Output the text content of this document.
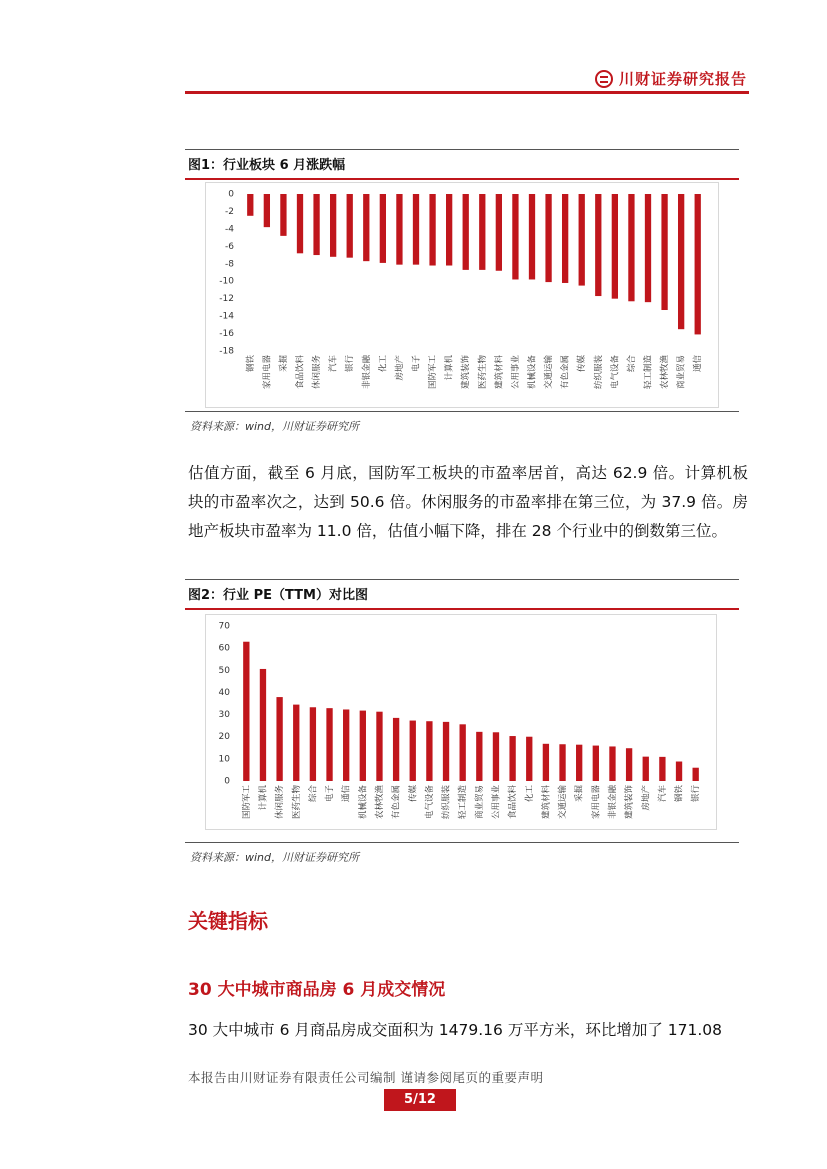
川财证券研究报告
图1：行业板块 6 月涨跌幅
0
-2
-4
-6
-8
-10
-12
-14
-16
-18
钢铁 家用电器 采掘 食品饮料 休闲服务 汽车 银行 非银金融 化工 房地产 电子 国防军工 计算机 建筑装饰 医药生物 建筑材料 公用事业 机械设备 交通运输 有色金属 传媒 纺织服装 电气设备 综合 轻工制造 农林牧渔 商业贸易 通信
资料来源：wind，川财证券研究所
估值方面，截至 6 月底，国防军工板块的市盈率居首，高达 62.9 倍。计算机板块的市盈率次之，达到 50.6 倍。休闲服务的市盈率排在第三位，为 37.9 倍。房地产板块市盈率为 11.0 倍，估值小幅下降，排在 28 个行业中的倒数第三位。
图2：行业 PE（TTM）对比图
0
10
20
30
40
50
60
70
国防军工 计算机 休闲服务 医药生物 综合 电子 通信 机械设备 农林牧渔 有色金属 传媒 电气设备 纺织服装 轻工制造 商业贸易 公用事业 食品饮料 化工 建筑材料 交通运输 采掘 家用电器 非银金融 建筑装饰 房地产 汽车 钢铁 银行
资料来源：wind，川财证券研究所
关键指标
30 大中城市商品房 6 月成交情况
30 大中城市 6 月商品房成交面积为 1479.16 万平方米，环比增加了 171.08
本报告由川财证券有限责任公司编制 谨请参阅尾页的重要声明
5/12
